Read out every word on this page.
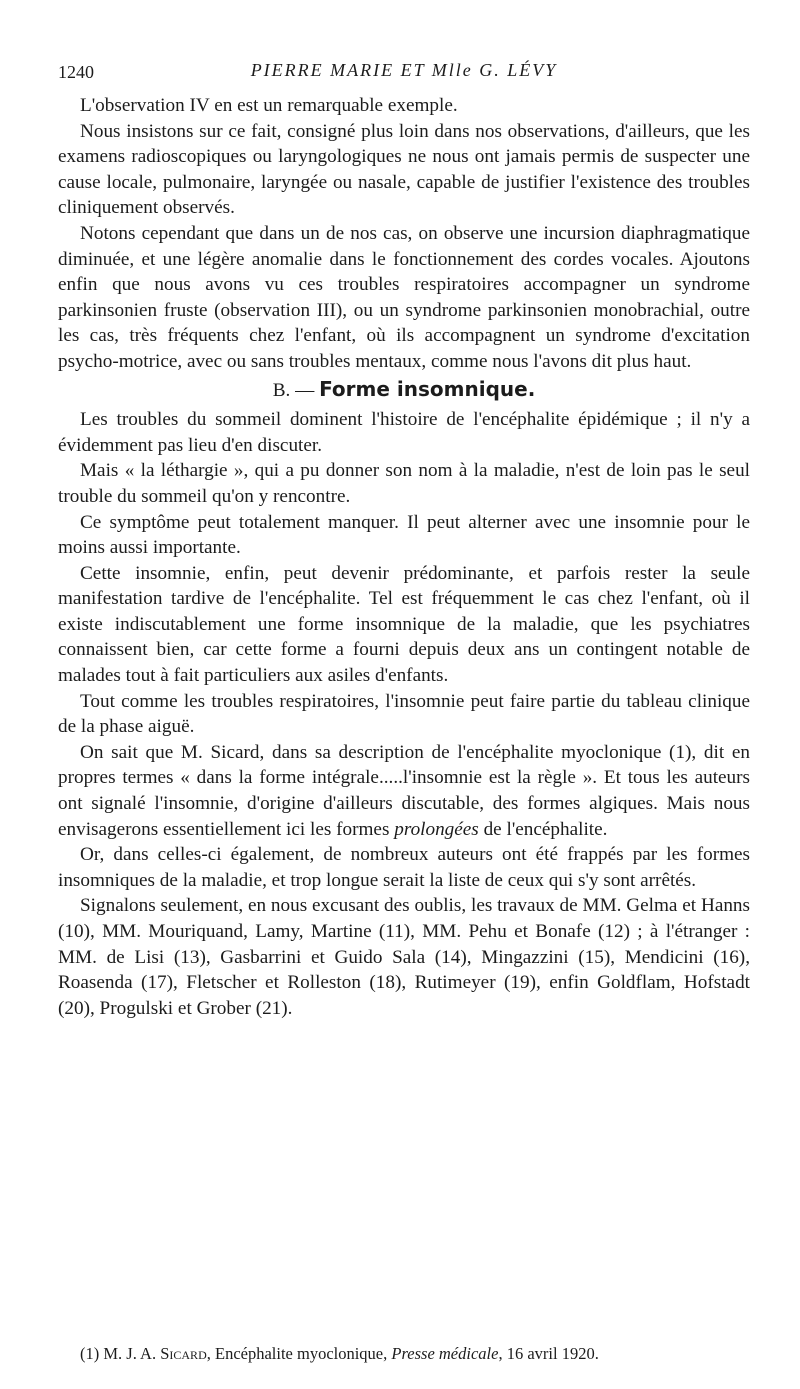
1240	PIERRE MARIE ET Mlle G. LÉVY

L'observation IV en est un remarquable exemple.

Nous insistons sur ce fait, consigné plus loin dans nos observations, d'ailleurs, que les examens radioscopiques ou laryngologiques ne nous ont jamais permis de suspecter une cause locale, pulmonaire, laryngée ou nasale, capable de justifier l'existence des troubles cliniquement observés.

Notons cependant que dans un de nos cas, on observe une incursion diaphragmatique diminuée, et une légère anomalie dans le fonctionnement des cordes vocales. Ajoutons enfin que nous avons vu ces troubles respiratoires accompagner un syndrome parkinsonien fruste (observation III), ou un syndrome parkinsonien monobrachial, outre les cas, très fréquents chez l'enfant, où ils accompagnent un syndrome d'excitation psycho-motrice, avec ou sans troubles mentaux, comme nous l'avons dit plus haut.

B. — Forme insomnique.

Les troubles du sommeil dominent l'histoire de l'encéphalite épidémique ; il n'y a évidemment pas lieu d'en discuter.

Mais « la léthargie », qui a pu donner son nom à la maladie, n'est de loin pas le seul trouble du sommeil qu'on y rencontre.

Ce symptôme peut totalement manquer. Il peut alterner avec une insomnie pour le moins aussi importante.

Cette insomnie, enfin, peut devenir prédominante, et parfois rester la seule manifestation tardive de l'encéphalite. Tel est fréquemment le cas chez l'enfant, où il existe indiscutablement une forme insomnique de la maladie, que les psychiatres connaissent bien, car cette forme a fourni depuis deux ans un contingent notable de malades tout à fait particuliers aux asiles d'enfants.

Tout comme les troubles respiratoires, l'insomnie peut faire partie du tableau clinique de la phase aiguë.

On sait que M. Sicard, dans sa description de l'encéphalite myoclonique (1), dit en propres termes « dans la forme intégrale.....l'insomnie est la règle ». Et tous les auteurs ont signalé l'insomnie, d'origine d'ailleurs discutable, des formes algiques. Mais nous envisagerons essentiellement ici les formes prolongées de l'encéphalite.

Or, dans celles-ci également, de nombreux auteurs ont été frappés par les formes insomniques de la maladie, et trop longue serait la liste de ceux qui s'y sont arrêtés.

Signalons seulement, en nous excusant des oublis, les travaux de MM. Gelma et Hanns (10), MM. Mouriquand, Lamy, Martine (11), MM. Pehu et Bonafe (12) ; à l'étranger : MM. de Lisi (13), Gasbarrini et Guido Sala (14), Mingazzini (15), Mendicini (16), Roasenda (17), Fletscher et Rolleston (18), Rutimeyer (19), enfin Goldflam, Hofstadt (20), Progulski et Grober (21).

(1) M. J. A. Sicard, Encéphalite myoclonique, Presse médicale, 16 avril 1920.
